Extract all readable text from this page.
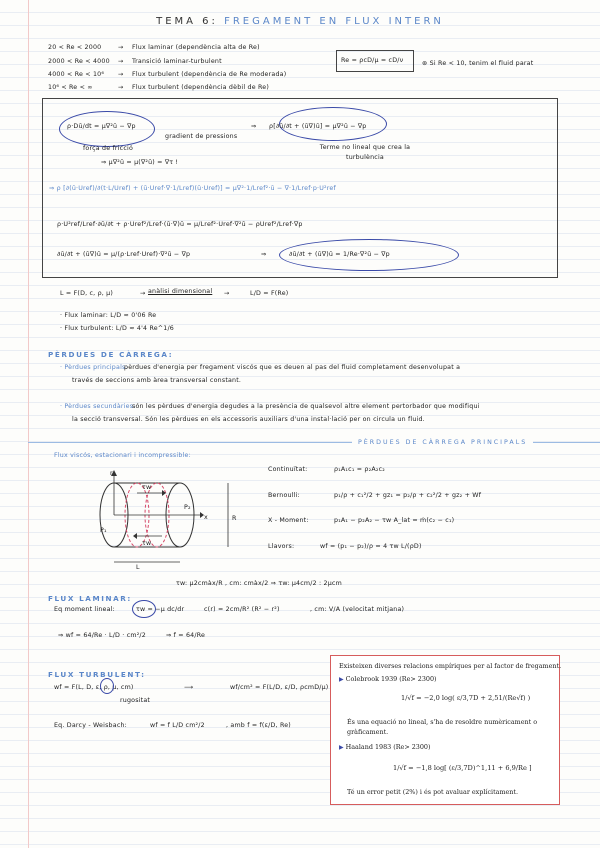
TEMA 6: FREGAMENT EN FLUX INTERN
20 < Re < 2000	→ Flux laminar (dependència alta de Re)
2000 < Re < 4000 → Transició laminar-turbulent
4000 < Re < 10⁶ → Flux turbulent (dependència de Re moderada)
10⁶ < Re < ∞	→ Flux turbulent (dependència dèbil de Re)
Re = ρcD/μ = cD/ν	⊛ Si Re < 10, tenim el fluid parat
ρ·Dū/dt = μ∇²ū − ∇p
gradient de pressions
força de fricció
⇒ μ∇²ū = μ(∇²ū) = ∇τ !
⇒ ρ[∂ū/∂t + (ū∇)ū] = μ∇²ū − ∇p
Terme no lineal que crea la turbulència
⇒ ρ [∂(ū·Uref)/∂(t·L/Uref) + (ū·Uref·∇·1/Lref)(ū·Uref)] = μ∇²·1/Lref²·ū − ∇·1/Lref·p·U²ref
ρ·U²ref/Lref·∂ū/∂t + ρ·Uref²/Lref·(ū·∇)ū = μ/Lref²·Uref·∇²ū − ρUref²/Lref·∇p
∂ū/∂t + (ū∇)ū = μ/(ρ·Lref·Uref)·∇²ū − ∇p	⇒	∂ū/∂t + (ū∇)ū = 1/Re·∇²ū − ∇p
L = F(D, c, ρ, μ)	→ anàlisi dimensional →	L/D = F(Re)
· Flux laminar: L/D ≈ 0'06 Re
· Flux turbulent: L/D ≈ 4'4 Re^1/6
PÈRDUES DE CÀRREGA:
· Pèrdues principals:
pèrdues d'energia per fregament viscós que es deuen al pas del fluid completament desenvolupat a
través de seccions amb àrea transversal constant.
· Pèrdues secundàries:
són les pèrdues d'energia degudes a la presència de qualsevol altre element pertorbador que modifiqui
la secció transversal. Són les pèrdues en els accessoris auxiliars d'una instal·lació per on circula un fluid.
PÈRDUES DE CÀRREGA PRINCIPALS
Flux viscós, estacionari i incompressible:
r
R
L
x
P₁
P₂
τw
τw
Continuïtat:	ρ₁A₁c₁ = ρ₂A₂c₂
Bernoulli:	p₁/ρ + c₁²/2 + gz₁ = p₂/ρ + c₂²/2 + gz₂ + Wf
X - Moment:	p₁A₁ − p₂A₂ − τw A_lat = ṁ(c₂ − c₁)
Llavors:	wf = (p₁ − p₂)/ρ = 4 τw L/(ρD)
τw: μ2cmàx/R , cm: cmàx/2 ⇒ τw: μ4cm/2 : 2μcm
FLUX LAMINAR:
Eq moment lineal:	τw = −μ dc/dr	c(r) = 2cm/R² (R² − r²)	, cm: V/A (velocitat mitjana)
⇒ wf = 64/Re · L/D · cm²/2	⇒ f = 64/Re
FLUX TURBULENT:
wf = F(L, D, ε, ρ, μ, cm)
rugositat
⟶	wf/cm² = F(L/D, ε/D, ρcmD/μ)
Eq. Darcy - Weisbach:	wf = f L/D cm²/2	, amb f = f(ε/D, Re)
Existeixen diverses relacions empíriques per al factor de fregament.
▶ Colebrook 1939 (Re> 2300)
1/√f = −2,0 log( ε/3,7D + 2,51/(Re√f) )
És una equació no lineal, s'ha de resoldre numèricament o
gràficament.
▶ Haaland 1983 (Re> 2300)
1/√f = −1,8 log[ (ε/3,7D)^1,11 + 6,9/Re ]
Té un error petit (2%) i és pot avaluar explícitament.
